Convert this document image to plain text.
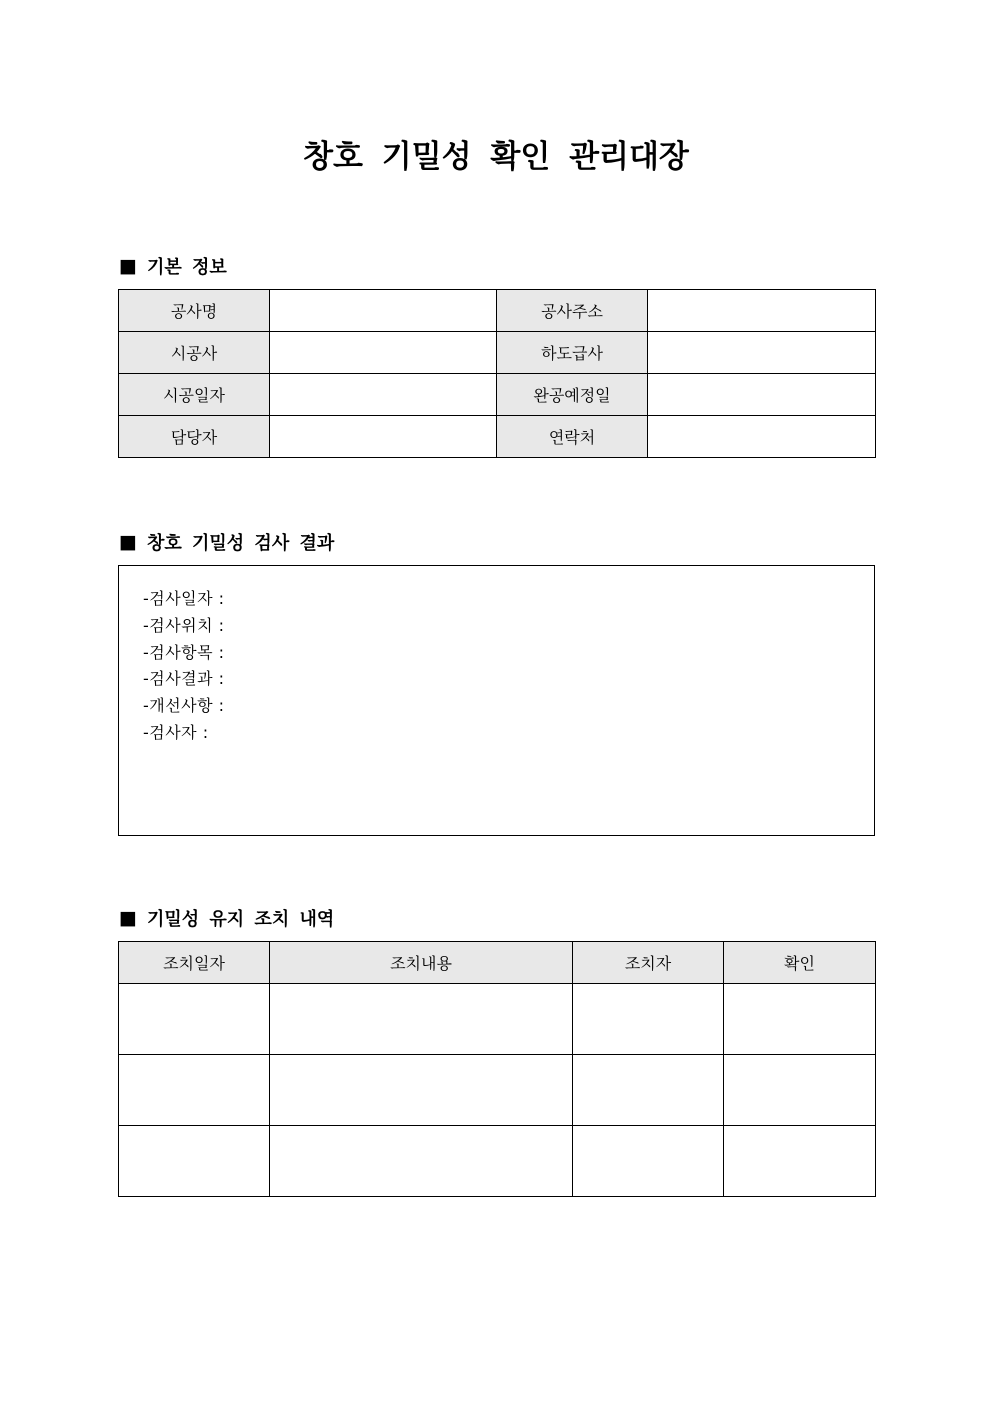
창호 기밀성 확인 관리대장
■ 기본 정보
공사명		공사주소	
시공사		하도급사	
시공일자		완공예정일	
담당자		연락처	
■ 창호 기밀성 검사 결과
-검사일자 :
-검사위치 :
-검사항목 :
-검사결과 :
-개선사항 :
-검사자 :
■ 기밀성 유지 조치 내역
조치일자	조치내용	조치자	확인
